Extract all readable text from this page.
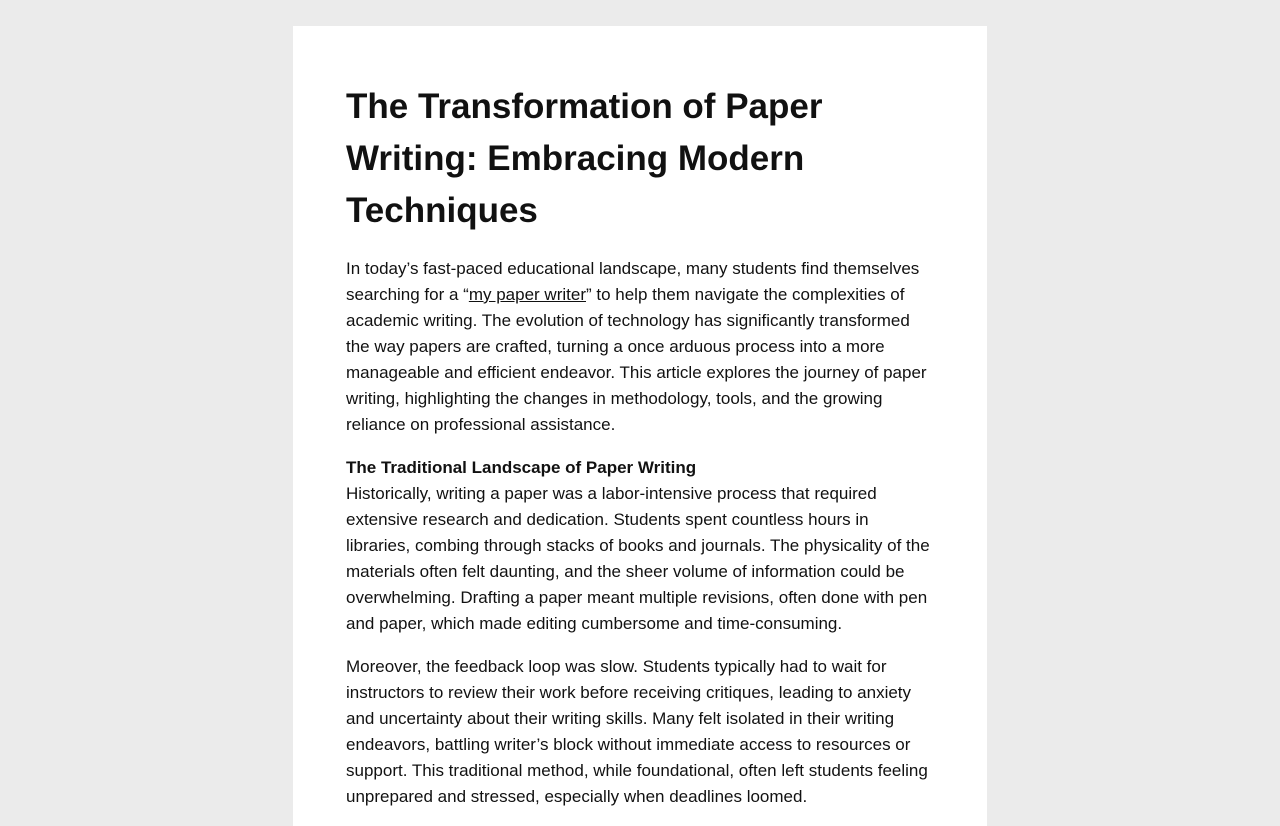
The Transformation of Paper Writing: Embracing Modern Techniques

In today’s fast-paced educational landscape, many students find themselves searching for a “my paper writer” to help them navigate the complexities of academic writing. The evolution of technology has significantly transformed the way papers are crafted, turning a once arduous process into a more manageable and efficient endeavor. This article explores the journey of paper writing, highlighting the changes in methodology, tools, and the growing reliance on professional assistance.

The Traditional Landscape of Paper Writing

Historically, writing a paper was a labor-intensive process that required extensive research and dedication. Students spent countless hours in libraries, combing through stacks of books and journals. The physicality of the materials often felt daunting, and the sheer volume of information could be overwhelming. Drafting a paper meant multiple revisions, often done with pen and paper, which made editing cumbersome and time-consuming.

Moreover, the feedback loop was slow. Students typically had to wait for instructors to review their work before receiving critiques, leading to anxiety and uncertainty about their writing skills. Many felt isolated in their writing endeavors, battling writer’s block without immediate access to resources or support. This traditional method, while foundational, often left students feeling unprepared and stressed, especially when deadlines loomed.
